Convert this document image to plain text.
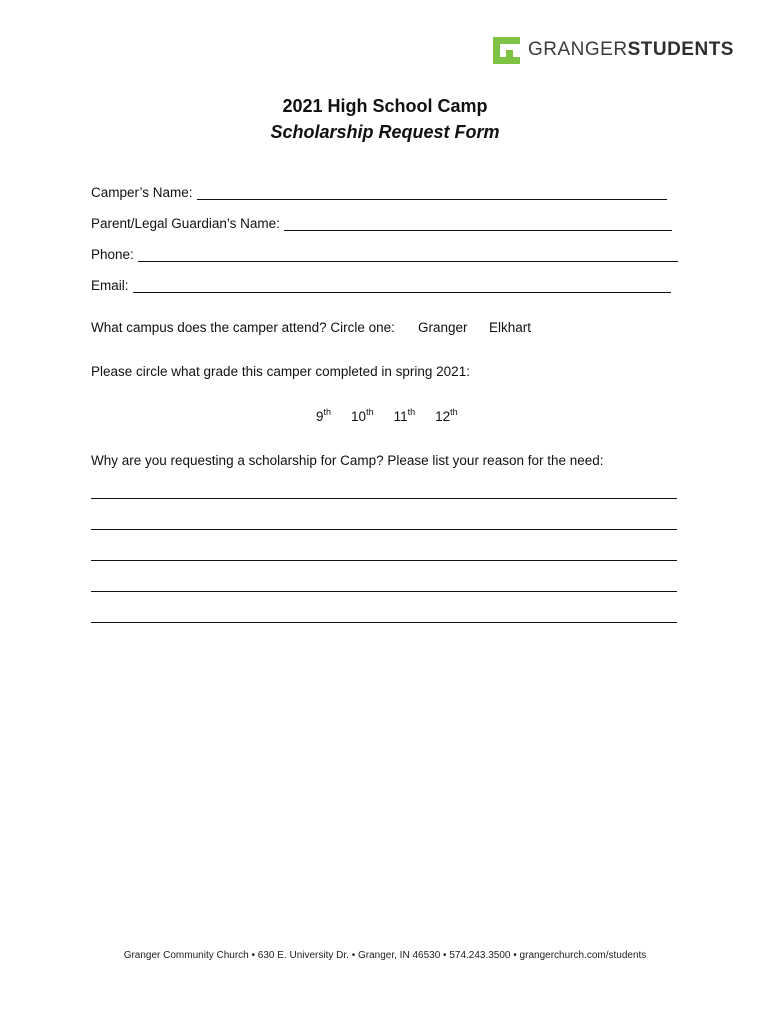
GRANGERSTUDENTS
2021 High School Camp
Scholarship Request Form
Camper’s Name:
Parent/Legal Guardian’s Name:
Phone:
Email:
What campus does the camper attend? Circle one: Granger Elkhart
Please circle what grade this camper completed in spring 2021:
9th 10th 11th 12th
Why are you requesting a scholarship for Camp? Please list your reason for the need:
Granger Community Church • 630 E. University Dr. • Granger, IN 46530 • 574.243.3500 • grangerchurch.com/students
